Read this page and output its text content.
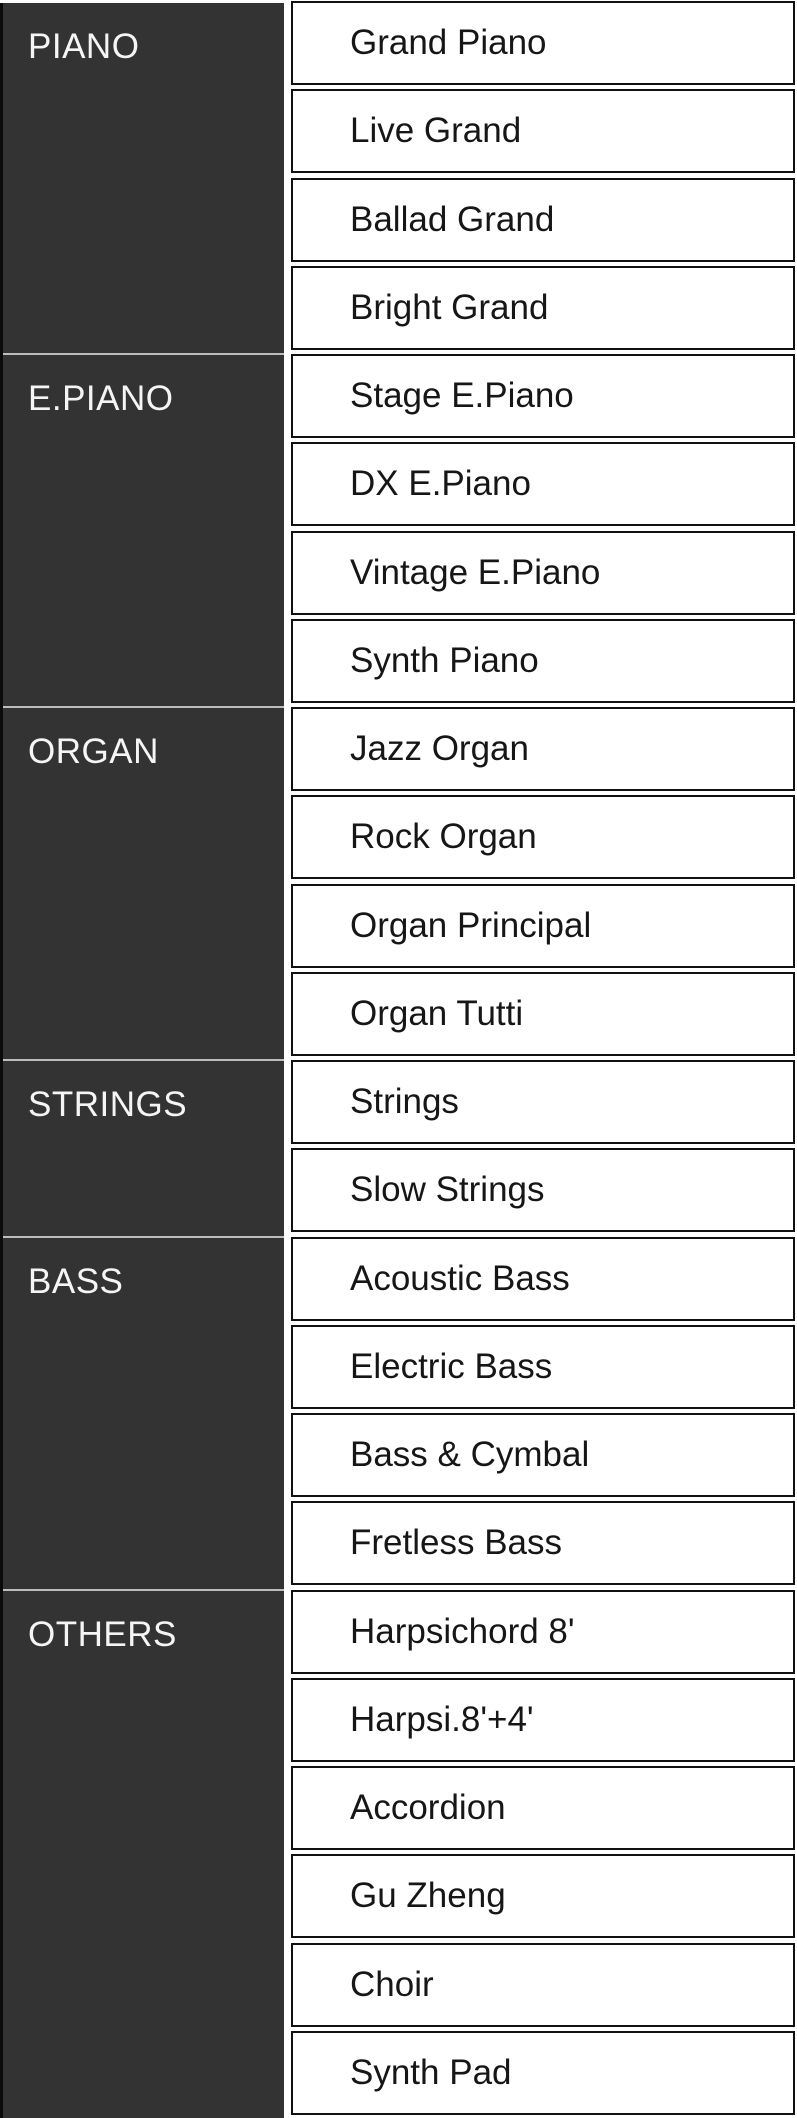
PIANO
E.PIANO
ORGAN
STRINGS
BASS
OTHERS
Grand Piano
Live Grand
Ballad Grand
Bright Grand
Stage E.Piano
DX E.Piano
Vintage E.Piano
Synth Piano
Jazz Organ
Rock Organ
Organ Principal
Organ Tutti
Strings
Slow Strings
Acoustic Bass
Electric Bass
Bass & Cymbal
Fretless Bass
Harpsichord 8'
Harpsi.8'+4'
Accordion
Gu Zheng
Choir
Synth Pad
